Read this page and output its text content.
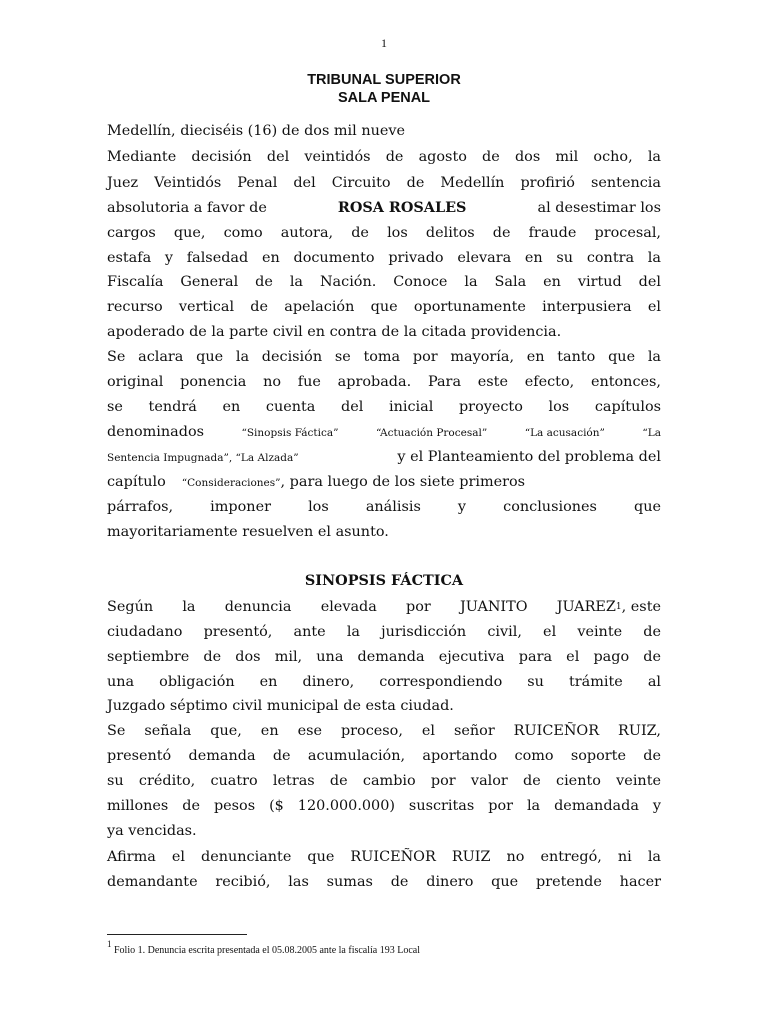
1
TRIBUNAL SUPERIOR
SALA PENAL
Medellín, dieciséis (16) de dos mil nueve
Mediante decisión del veintidós de agosto de dos mil ocho, la
Juez Veintidós Penal del Circuito de Medellín profirió sentencia
absolutoria a favor de	ROSA ROSALES	al desestimar los
cargos que, como autora, de los delitos de fraude procesal,
estafa y falsedad en documento privado elevara en su contra la
Fiscalía General de la Nación. Conoce la Sala en virtud del
recurso vertical de apelación que oportunamente interpusiera el
apoderado de la parte civil en contra de la citada providencia.
Se aclara que la decisión se toma por mayoría, en tanto que la
original ponencia no fue aprobada. Para este efecto, entonces,
se tendrá en cuenta del inicial proyecto los capítulos
denominados	“Sinopsis Fáctica”	“Actuación Procesal”	“La acusación”	“La
Sentencia Impugnada”, “La Alzada”	y el Planteamiento del problema del
capítulo	“Consideraciones”, para luego de los siete primeros
párrafos, imponer los análisis y conclusiones que
mayoritariamente resuelven el asunto.
SINOPSIS FÁCTICA
Según la denuncia elevada por JUANITO JUAREZ 1 , este
ciudadano presentó, ante la jurisdicción civil, el veinte de
septiembre de dos mil, una demanda ejecutiva para el pago de
una obligación en dinero, correspondiendo su trámite al
Juzgado séptimo civil municipal de esta ciudad.
Se señala que, en ese proceso, el señor RUICEÑOR RUIZ,
presentó demanda de acumulación, aportando como soporte de
su crédito, cuatro letras de cambio por valor de ciento veinte
millones de pesos ($ 120.000.000) suscritas por la demandada y
ya vencidas.
Afirma el denunciante que RUICEÑOR RUIZ no entregó, ni la
demandante recibió, las sumas de dinero que pretende hacer
1 Folio 1. Denuncia escrita presentada el 05.08.2005 ante la fiscalía 193 Local
